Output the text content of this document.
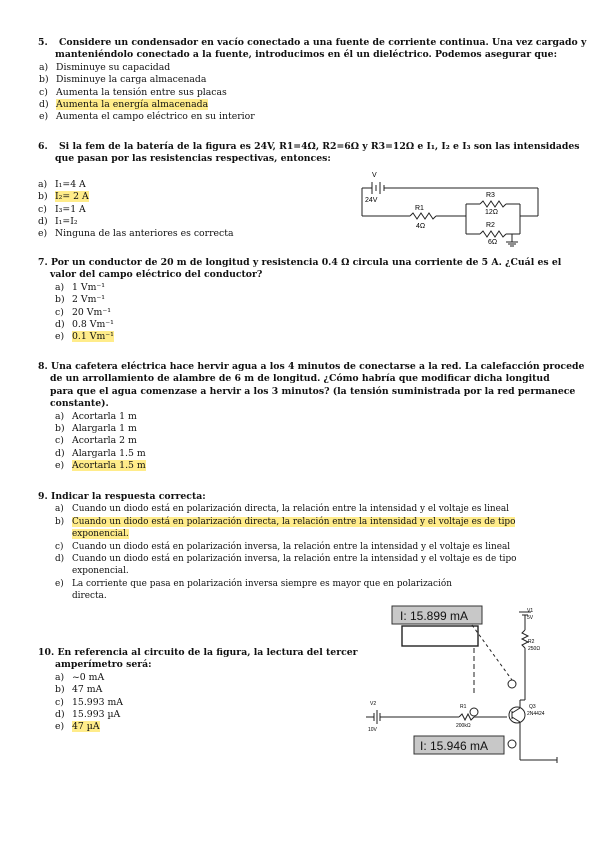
5. Considere un condensador en vacío conectado a una fuente de corriente continua. Una vez cargado y
manteniéndolo conectado a la fuente, introducimos en él un dieléctrico. Podemos asegurar que:
a) Disminuye su capacidad
b) Disminuye la carga almacenada
c) Aumenta la tensión entre sus placas
d) Aumenta la energía almacenada
e) Aumenta el campo eléctrico en su interior
6. Si la fem de la batería de la figura es 24V, R1=4Ω, R2=6Ω y R3=12Ω e I₁, I₂ e I₃ son las intensidades
que pasan por las resistencias respectivas, entonces:
a) I₁=4 A
b) I₂= 2 A
c) I₃=1 A
d) I₁=I₂
e) Ninguna de las anteriores es correcta
V
24V
R1
4Ω
R3
12Ω
R2
6Ω
7. Por un conductor de 20 m de longitud y resistencia 0.4 Ω circula una corriente de 5 A. ¿Cuál es el
valor del campo eléctrico del conductor?
a) 1 Vm⁻¹
b) 2 Vm⁻¹
c) 20 Vm⁻¹
d) 0.8 Vm⁻¹
e) 0.1 Vm⁻¹
8. Una cafetera eléctrica hace hervir agua a los 4 minutos de conectarse a la red. La calefacción procede
de un arrollamiento de alambre de 6 m de longitud. ¿Cómo habría que modificar dicha longitud
para que el agua comenzase a hervir a los 3 minutos? (la tensión suministrada por la red permanece
constante).
a) Acortarla 1 m
b) Alargarla 1 m
c) Acortarla 2 m
d) Alargarla 1.5 m
e) Acortarla 1.5 m
9. Indicar la respuesta correcta:
a) Cuando un diodo está en polarización directa, la relación entre la intensidad y el voltaje es lineal
b) Cuando un diodo está en polarización directa, la relación entre la intensidad y el voltaje es de tipo
exponencial.
c) Cuando un diodo está en polarización inversa, la relación entre la intensidad y el voltaje es lineal
d) Cuando un diodo está en polarización inversa, la relación entre la intensidad y el voltaje es de tipo
exponencial.
e) La corriente que pasa en polarización inversa siempre es mayor que en polarización
directa.
10. En referencia al circuito de la figura, la lectura del tercer
amperímetro será:
a) ~0 mA
b) 47 mA
c) 15.993 mA
d) 15.993 µA
e) 47 µA
I: 15.899 mA
I: 15.946 mA
V1
5V
R2
250Ω
V2
10V
R1
200kΩ
Q3
2N4424
